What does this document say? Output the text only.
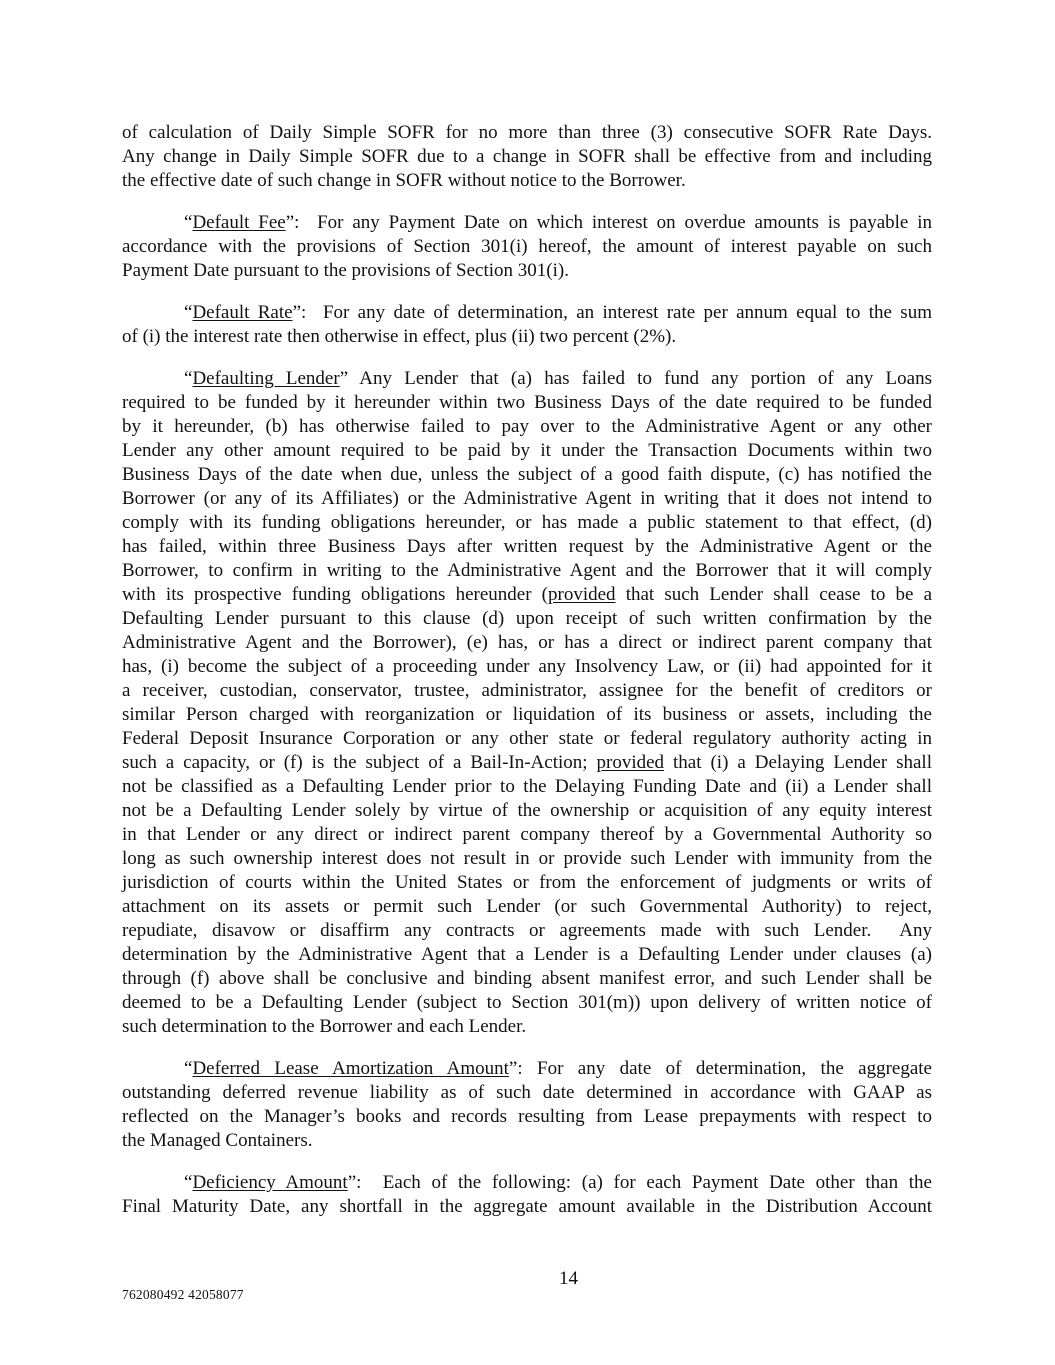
of calculation of Daily Simple SOFR for no more than three (3) consecutive SOFR Rate Days.
Any change in Daily Simple SOFR due to a change in SOFR shall be effective from and including
the effective date of such change in SOFR without notice to the Borrower.
“Default Fee”:  For any Payment Date on which interest on overdue amounts is payable in
accordance with the provisions of Section 301(i) hereof, the amount of interest payable on such
Payment Date pursuant to the provisions of Section 301(i).
“Default Rate”:  For any date of determination, an interest rate per annum equal to the sum
of (i) the interest rate then otherwise in effect, plus (ii) two percent (2%).
“Defaulting Lender” Any Lender that (a) has failed to fund any portion of any Loans
required to be funded by it hereunder within two Business Days of the date required to be funded
by it hereunder, (b) has otherwise failed to pay over to the Administrative Agent or any other
Lender any other amount required to be paid by it under the Transaction Documents within two
Business Days of the date when due, unless the subject of a good faith dispute, (c) has notified the
Borrower (or any of its Affiliates) or the Administrative Agent in writing that it does not intend to
comply with its funding obligations hereunder, or has made a public statement to that effect, (d)
has failed, within three Business Days after written request by the Administrative Agent or the
Borrower, to confirm in writing to the Administrative Agent and the Borrower that it will comply
with its prospective funding obligations hereunder (provided that such Lender shall cease to be a
Defaulting Lender pursuant to this clause (d) upon receipt of such written confirmation by the
Administrative Agent and the Borrower), (e) has, or has a direct or indirect parent company that
has, (i) become the subject of a proceeding under any Insolvency Law, or (ii) had appointed for it
a receiver, custodian, conservator, trustee, administrator, assignee for the benefit of creditors or
similar Person charged with reorganization or liquidation of its business or assets, including the
Federal Deposit Insurance Corporation or any other state or federal regulatory authority acting in
such a capacity, or (f) is the subject of a Bail-In-Action; provided that (i) a Delaying Lender shall
not be classified as a Defaulting Lender prior to the Delaying Funding Date and (ii) a Lender shall
not be a Defaulting Lender solely by virtue of the ownership or acquisition of any equity interest
in that Lender or any direct or indirect parent company thereof by a Governmental Authority so
long as such ownership interest does not result in or provide such Lender with immunity from the
jurisdiction of courts within the United States or from the enforcement of judgments or writs of
attachment on its assets or permit such Lender (or such Governmental Authority) to reject,
repudiate, disavow or disaffirm any contracts or agreements made with such Lender.  Any
determination by the Administrative Agent that a Lender is a Defaulting Lender under clauses (a)
through (f) above shall be conclusive and binding absent manifest error, and such Lender shall be
deemed to be a Defaulting Lender (subject to Section 301(m)) upon delivery of written notice of
such determination to the Borrower and each Lender.
“Deferred Lease Amortization Amount”: For any date of determination, the aggregate
outstanding deferred revenue liability as of such date determined in accordance with GAAP as
reflected on the Manager’s books and records resulting from Lease prepayments with respect to
the Managed Containers.
“Deficiency Amount”:  Each of the following: (a) for each Payment Date other than the
Final Maturity Date, any shortfall in the aggregate amount available in the Distribution Account
14
762080492 42058077
